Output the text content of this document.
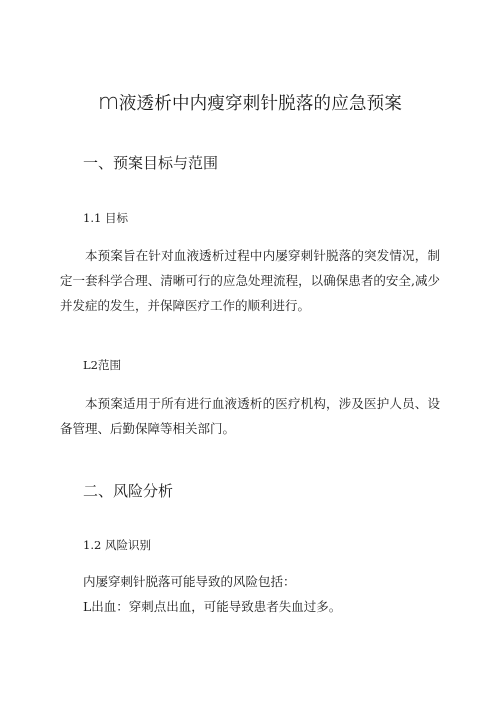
m液透析中内瘦穿刺针脱落的应急预案
一、预案目标与范围
1.1 目标

本预案旨在针对血液透析过程中内屡穿刺针脱落的突发情况，制定一套科学合理、清晰可行的应急处理流程，以确保患者的安全,减少并发症的发生，并保障医疗工作的顺利进行。

L2范围

本预案适用于所有进行血液透析的医疗机构，涉及医护人员、设备管理、后勤保障等相关部门。

二、风险分析
1.2 风险识别
内屡穿刺针脱落可能导致的风险包括：
L出血：穿刺点出血，可能导致患者失血过多。
